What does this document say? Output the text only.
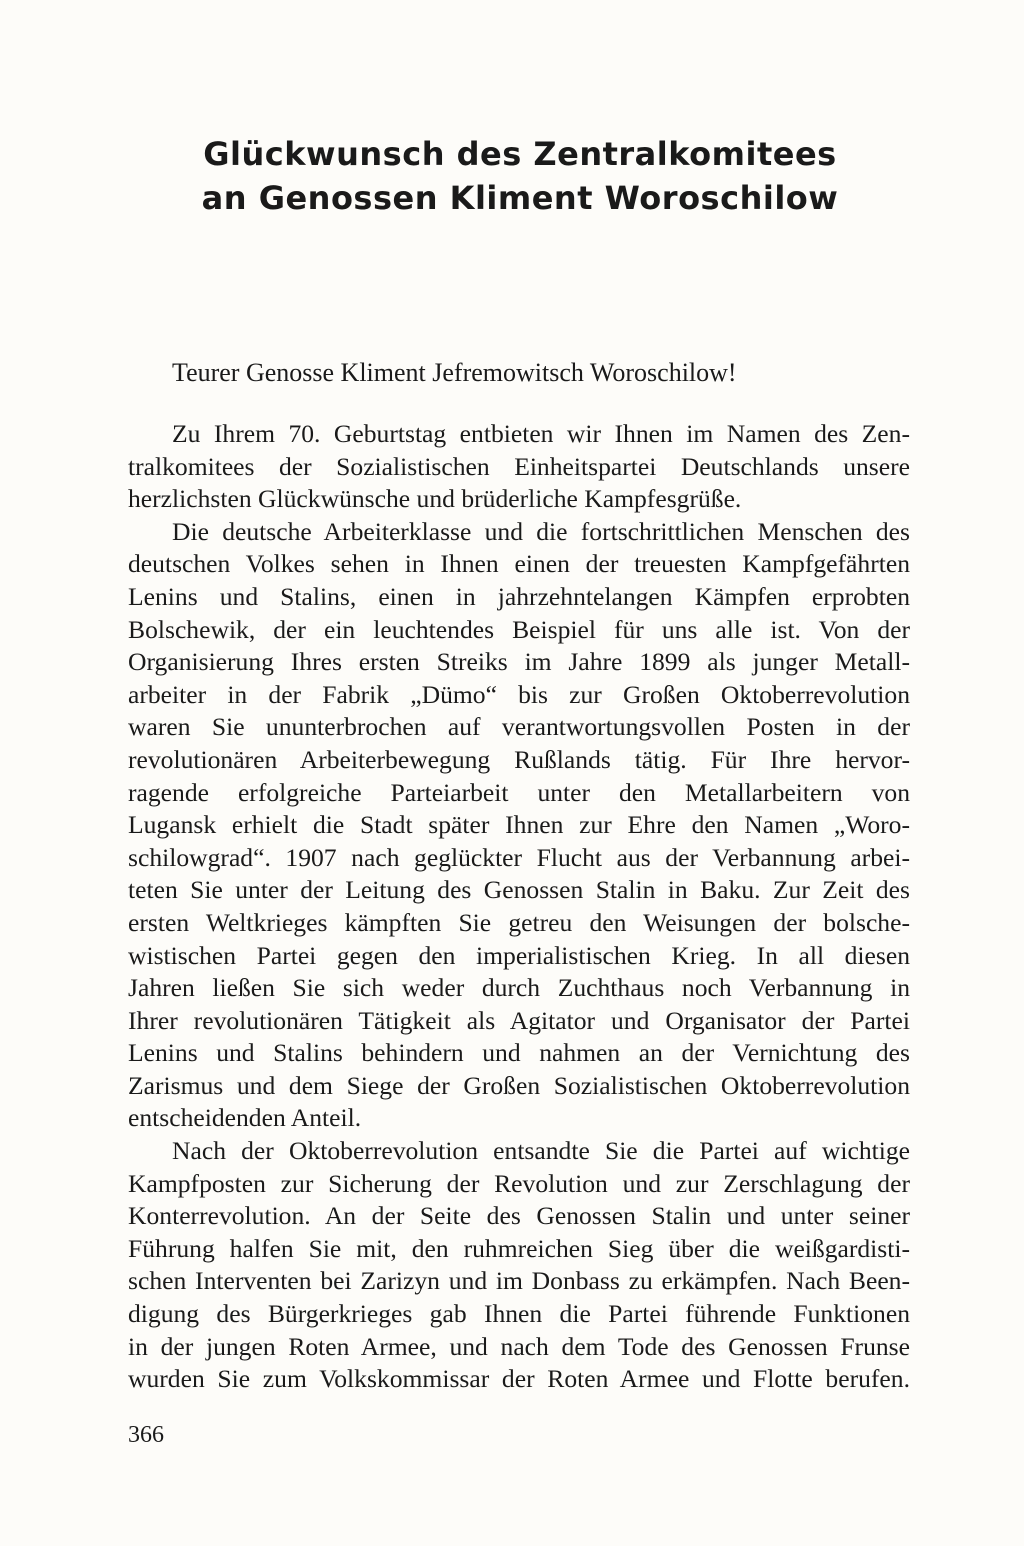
Glückwunsch des Zentralkomitees
an Genossen Kliment Woroschilow

Teurer Genosse Kliment Jefremowitsch Woroschilow!

Zu Ihrem 70. Geburtstag entbieten wir Ihnen im Namen des Zen-
tralkomitees der Sozialistischen Einheitspartei Deutschlands unsere
herzlichsten Glückwünsche und brüderliche Kampfesgrüße.
Die deutsche Arbeiterklasse und die fortschrittlichen Menschen des
deutschen Volkes sehen in Ihnen einen der treuesten Kampfgefährten
Lenins und Stalins, einen in jahrzehntelangen Kämpfen erprobten
Bolschewik, der ein leuchtendes Beispiel für uns alle ist. Von der
Organisierung Ihres ersten Streiks im Jahre 1899 als junger Metall-
arbeiter in der Fabrik „Dümo“ bis zur Großen Oktoberrevolution
waren Sie ununterbrochen auf verantwortungsvollen Posten in der
revolutionären Arbeiterbewegung Rußlands tätig. Für Ihre hervor-
ragende erfolgreiche Parteiarbeit unter den Metallarbeitern von
Lugansk erhielt die Stadt später Ihnen zur Ehre den Namen „Woro-
schilowgrad“. 1907 nach geglückter Flucht aus der Verbannung arbei-
teten Sie unter der Leitung des Genossen Stalin in Baku. Zur Zeit des
ersten Weltkrieges kämpften Sie getreu den Weisungen der bolsche-
wistischen Partei gegen den imperialistischen Krieg. In all diesen
Jahren ließen Sie sich weder durch Zuchthaus noch Verbannung in
Ihrer revolutionären Tätigkeit als Agitator und Organisator der Partei
Lenins und Stalins behindern und nahmen an der Vernichtung des
Zarismus und dem Siege der Großen Sozialistischen Oktoberrevolution
entscheidenden Anteil.
Nach der Oktoberrevolution entsandte Sie die Partei auf wichtige
Kampfposten zur Sicherung der Revolution und zur Zerschlagung der
Konterrevolution. An der Seite des Genossen Stalin und unter seiner
Führung halfen Sie mit, den ruhmreichen Sieg über die weißgardisti-
schen Interventen bei Zarizyn und im Donbass zu erkämpfen. Nach Been-
digung des Bürgerkrieges gab Ihnen die Partei führende Funktionen
in der jungen Roten Armee, und nach dem Tode des Genossen Frunse
wurden Sie zum Volkskommissar der Roten Armee und Flotte berufen.
366
